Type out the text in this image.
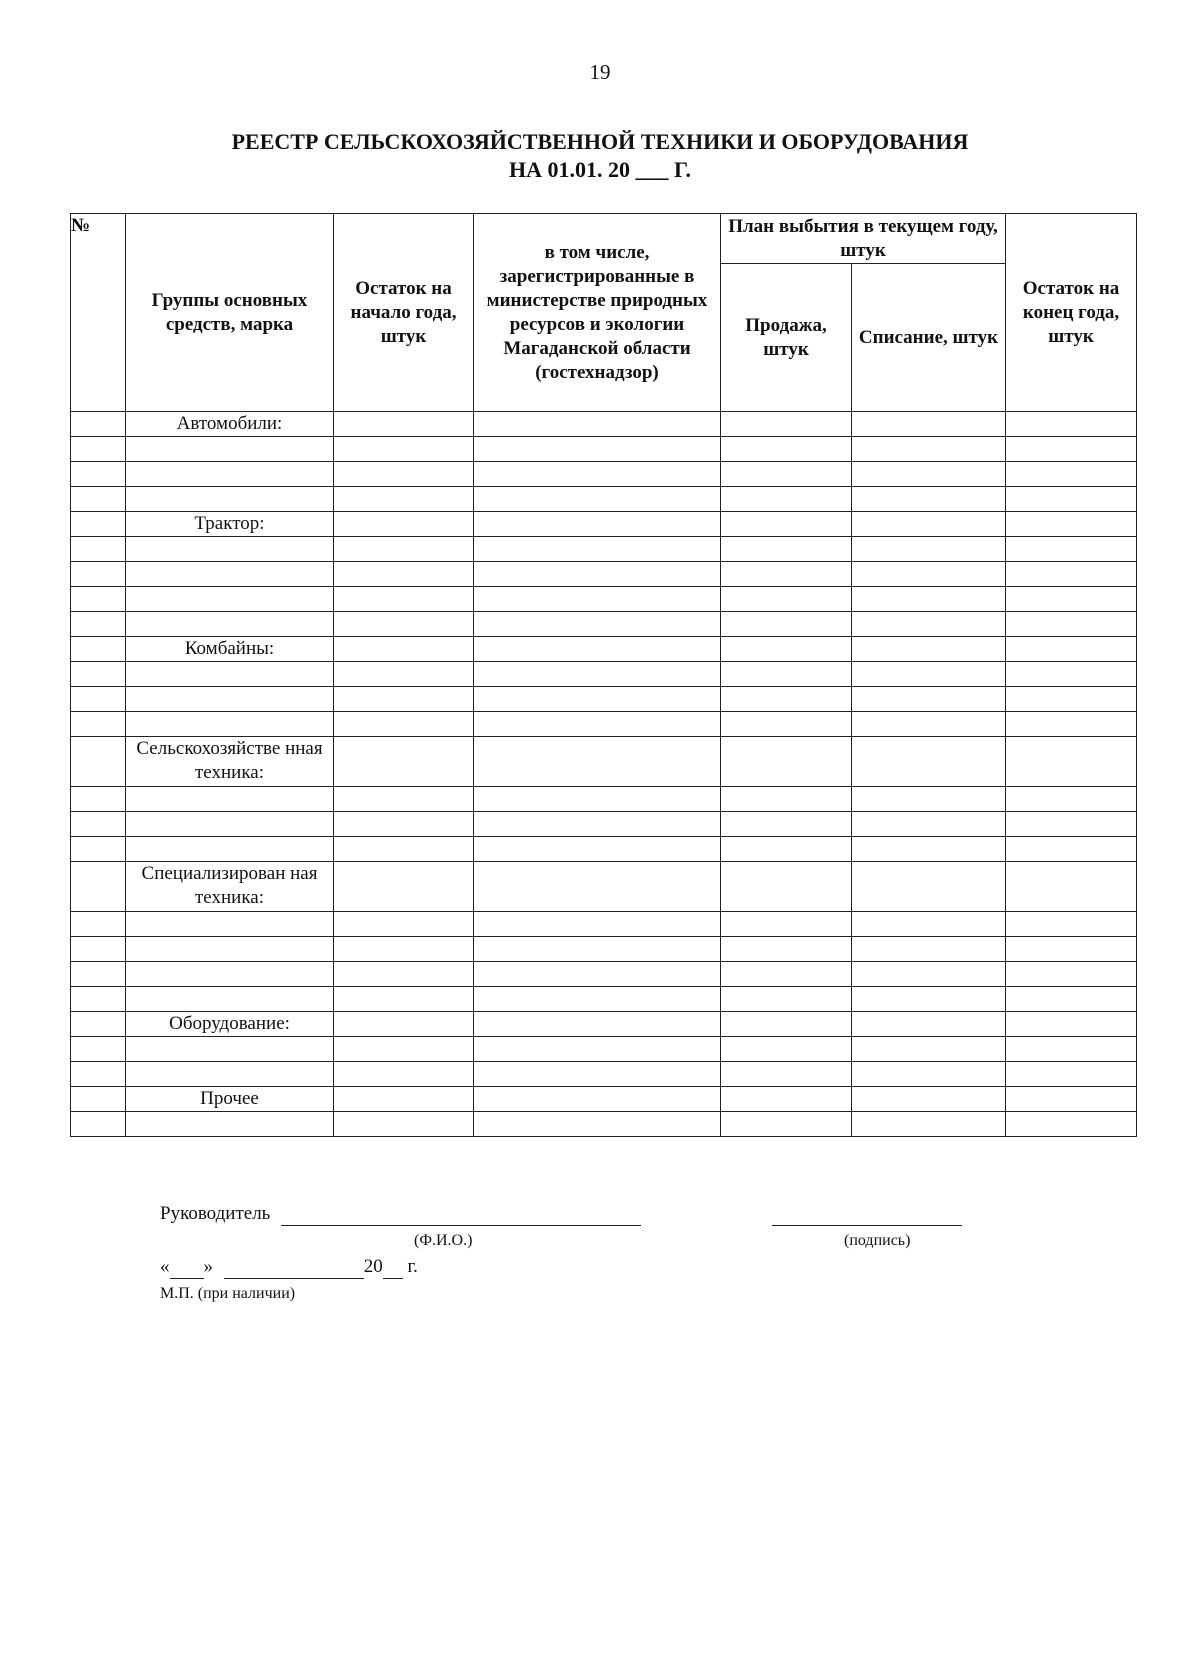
19
РЕЕСТР СЕЛЬСКОХОЗЯЙСТВЕННОЙ ТЕХНИКИ И ОБОРУДОВАНИЯ
НА 01.01. 20 ___ Г.
№	Группы основных средств, марка	Остаток на начало года, штук	в том числе, зарегистрированные в министерстве природных ресурсов и экологии Магаданской области (гостехнадзор)	План выбытия в текущем году, штук		Остаток на конец года, штук
				Продажа, штук	Списание, штук	
	Автомобили:					

	Трактор:					

	Комбайны:					

	Сельскохозяйстве нная техника:					

	Специализирован ная техника:					

	Оборудование:					

	Прочее					

Руководитель
(Ф.И.О.)	(подпись)
« »	20 г.
М.П. (при наличии)
